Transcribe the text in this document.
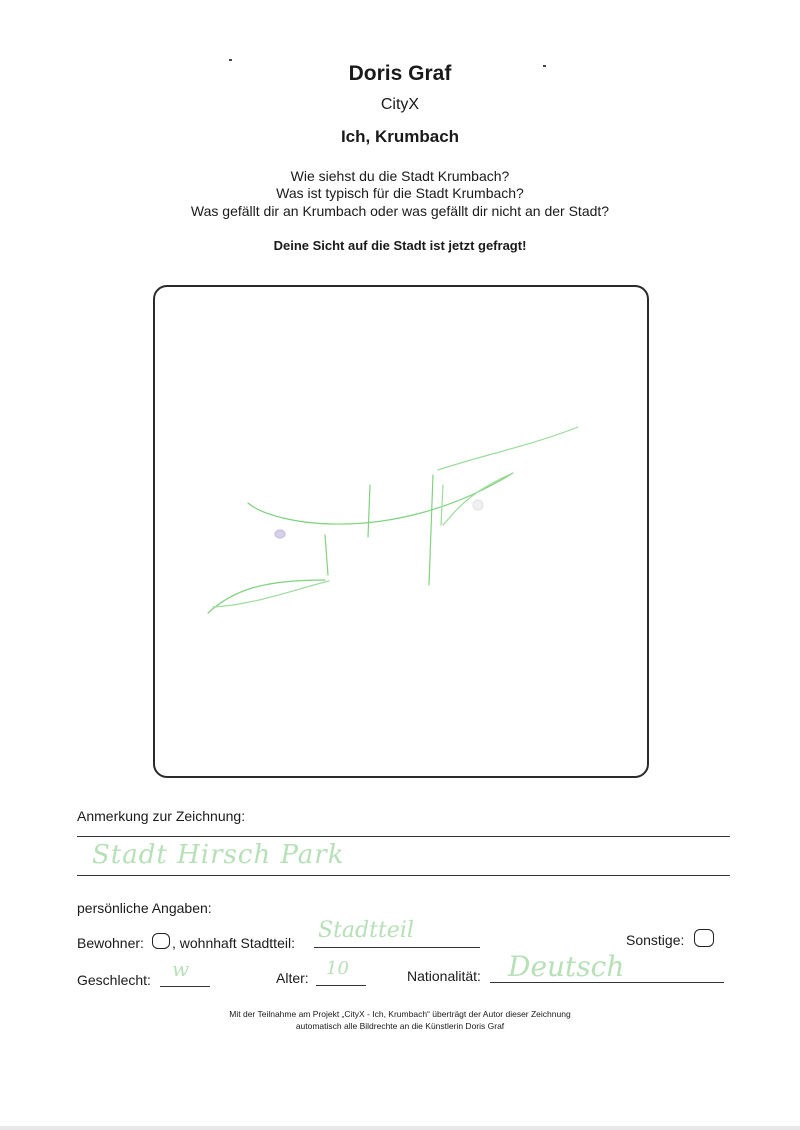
Doris Graf
CityX
Ich, Krumbach
Wie siehst du die Stadt Krumbach?
Was ist typisch für die Stadt Krumbach?
Was gefällt dir an Krumbach oder was gefällt dir nicht an der Stadt?
Deine Sicht auf die Stadt ist jetzt gefragt!
Anmerkung zur Zeichnung:
Stadt Hirsch Park
persönliche Angaben:
Bewohner: , wohnhaft Stadtteil: Stadtteil	Sonstige:
Geschlecht: w	Alter: 10	Nationalität: Deutsch
Mit der Teilnahme am Projekt „CityX - Ich, Krumbach“ überträgt der Autor dieser Zeichnung
automatisch alle Bildrechte an die Künstlerin Doris Graf
